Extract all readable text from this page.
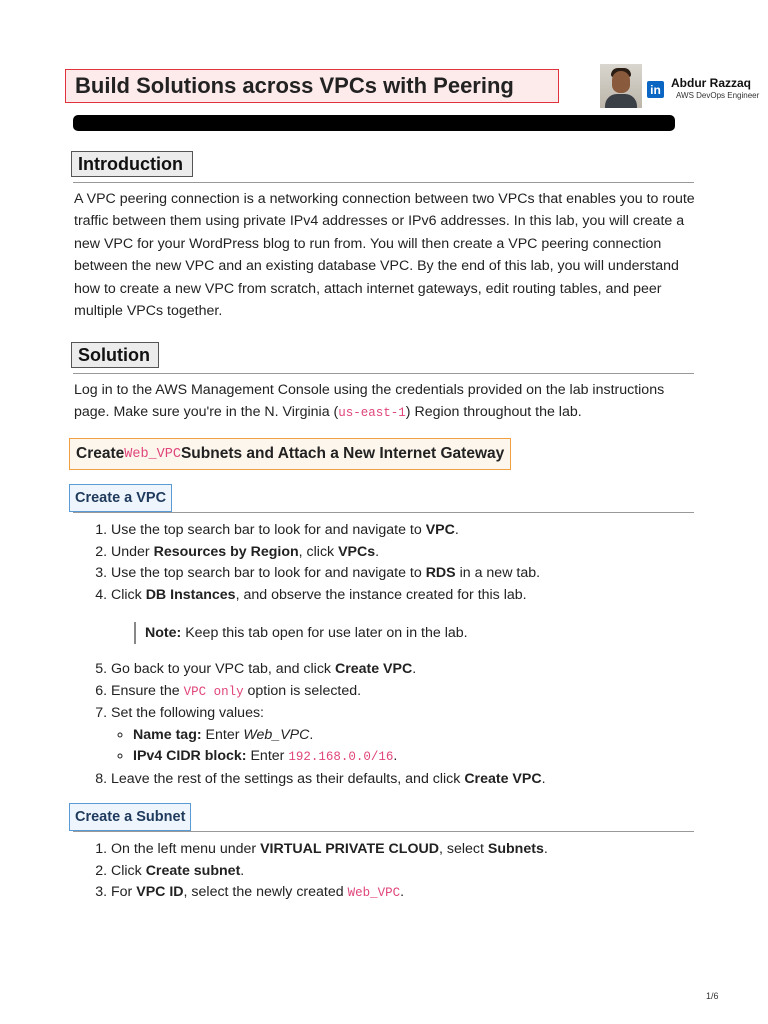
Build Solutions across VPCs with Peering	in Abdur Razzaq
AWS DevOps Engineer
Introduction
A VPC peering connection is a networking connection between two VPCs that enables you to route traffic between them using private IPv4 addresses or IPv6 addresses. In this lab, you will create a new VPC for your WordPress blog to run from. You will then create a VPC peering connection between the new VPC and an existing database VPC. By the end of this lab, you will understand how to create a new VPC from scratch, attach internet gateways, edit routing tables, and peer multiple VPCs together.
Solution
Log in to the AWS Management Console using the credentials provided on the lab instructions page. Make sure you're in the N. Virginia (us-east-1) Region throughout the lab.
Create Web_VPC Subnets and Attach a New Internet Gateway
Create a VPC
1. Use the top search bar to look for and navigate to VPC.
2. Under Resources by Region, click VPCs.
3. Use the top search bar to look for and navigate to RDS in a new tab.
4. Click DB Instances, and observe the instance created for this lab.
Note: Keep this tab open for use later on in the lab.
5. Go back to your VPC tab, and click Create VPC.
6. Ensure the VPC only option is selected.
7. Set the following values:
◦ Name tag: Enter Web_VPC.
◦ IPv4 CIDR block: Enter 192.168.0.0/16.
8. Leave the rest of the settings as their defaults, and click Create VPC.
Create a Subnet
1. On the left menu under VIRTUAL PRIVATE CLOUD, select Subnets.
2. Click Create subnet.
3. For VPC ID, select the newly created Web_VPC.
1/6
